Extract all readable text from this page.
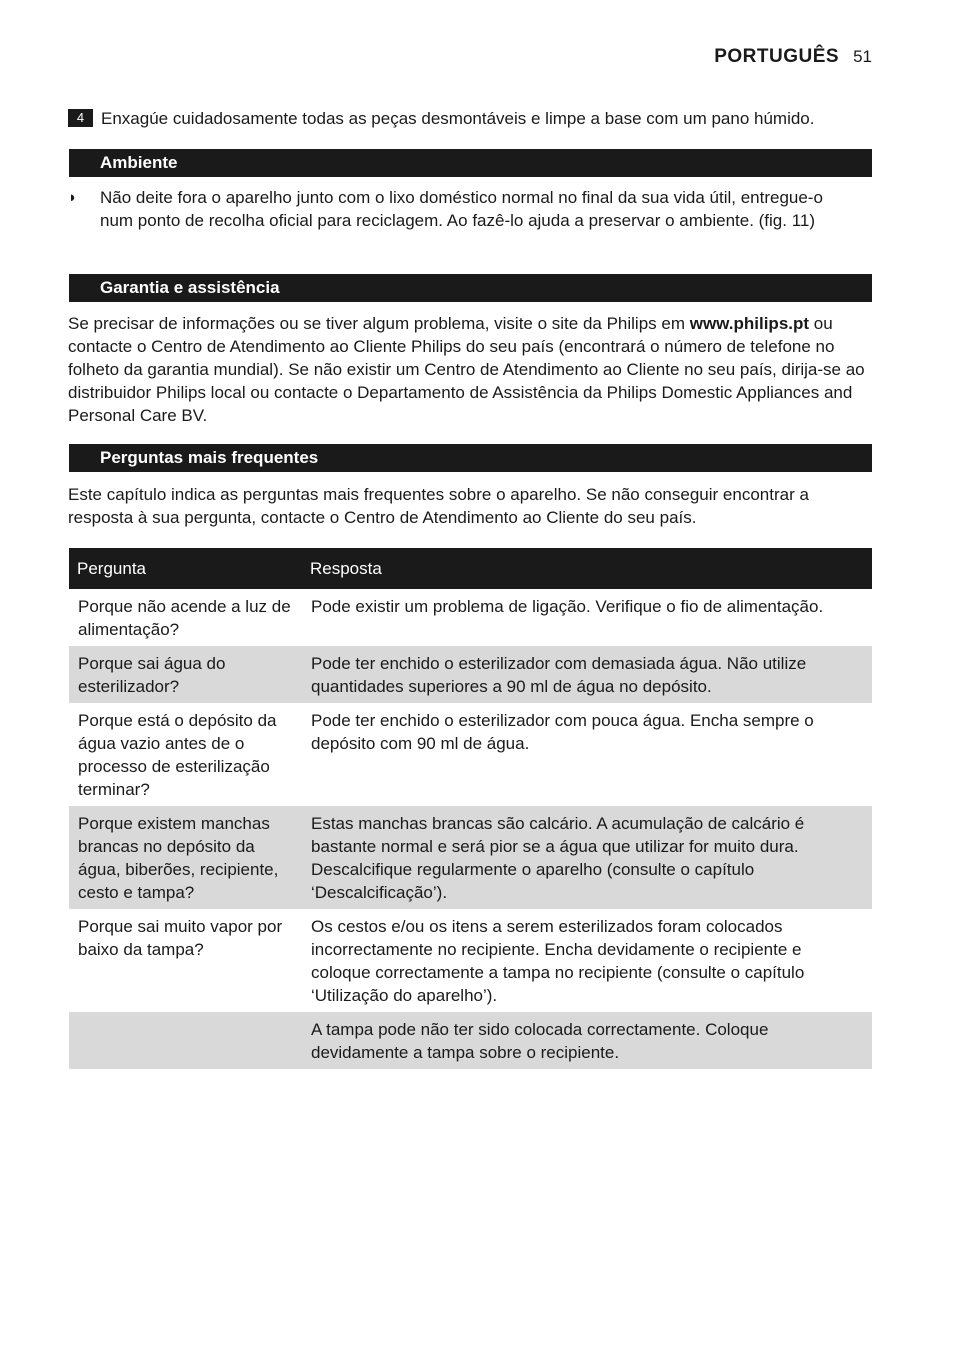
PORTUGUÊS 51
4 Enxagúe cuidadosamente todas as peças desmontáveis e limpe a base com um pano húmido.
Ambiente
◗	Não deite fora o aparelho junto com o lixo doméstico normal no final da sua vida útil, entregue-o num ponto de recolha oficial para reciclagem. Ao fazê-lo ajuda a preservar o ambiente. (fig. 11)
Garantia e assistência

Se precisar de informações ou se tiver algum problema, visite o site da Philips em www.philips.pt ou contacte o Centro de Atendimento ao Cliente Philips do seu país (encontrará o número de telefone no folheto da garantia mundial). Se não existir um Centro de Atendimento ao Cliente no seu país, dirija-se ao distribuidor Philips local ou contacte o Departamento de Assistência da Philips Domestic Appliances and Personal Care BV.

Perguntas mais frequentes

Este capítulo indica as perguntas mais frequentes sobre o aparelho. Se não conseguir encontrar a resposta à sua pergunta, contacte o Centro de Atendimento ao Cliente do seu país.

Pergunta	Resposta
Porque não acende a luz de alimentação?	Pode existir um problema de ligação. Verifique o fio de alimentação.
Porque sai água do esterilizador?	Pode ter enchido o esterilizador com demasiada água. Não utilize quantidades superiores a 90 ml de água no depósito.
Porque está o depósito da água vazio antes de o processo de esterilização terminar?	Pode ter enchido o esterilizador com pouca água. Encha sempre o depósito com 90 ml de água.
Porque existem manchas brancas no depósito da água, biberões, recipiente, cesto e tampa?	Estas manchas brancas são calcário. A acumulação de calcário é bastante normal e será pior se a água que utilizar for muito dura. Descalcifique regularmente o aparelho (consulte o capítulo ‘Descalcificação’).
Porque sai muito vapor por baixo da tampa?	Os cestos e/ou os itens a serem esterilizados foram colocados incorrectamente no recipiente. Encha devidamente o recipiente e coloque correctamente a tampa no recipiente (consulte o capítulo ‘Utilização do aparelho’).
	A tampa pode não ter sido colocada correctamente. Coloque devidamente a tampa sobre o recipiente.
